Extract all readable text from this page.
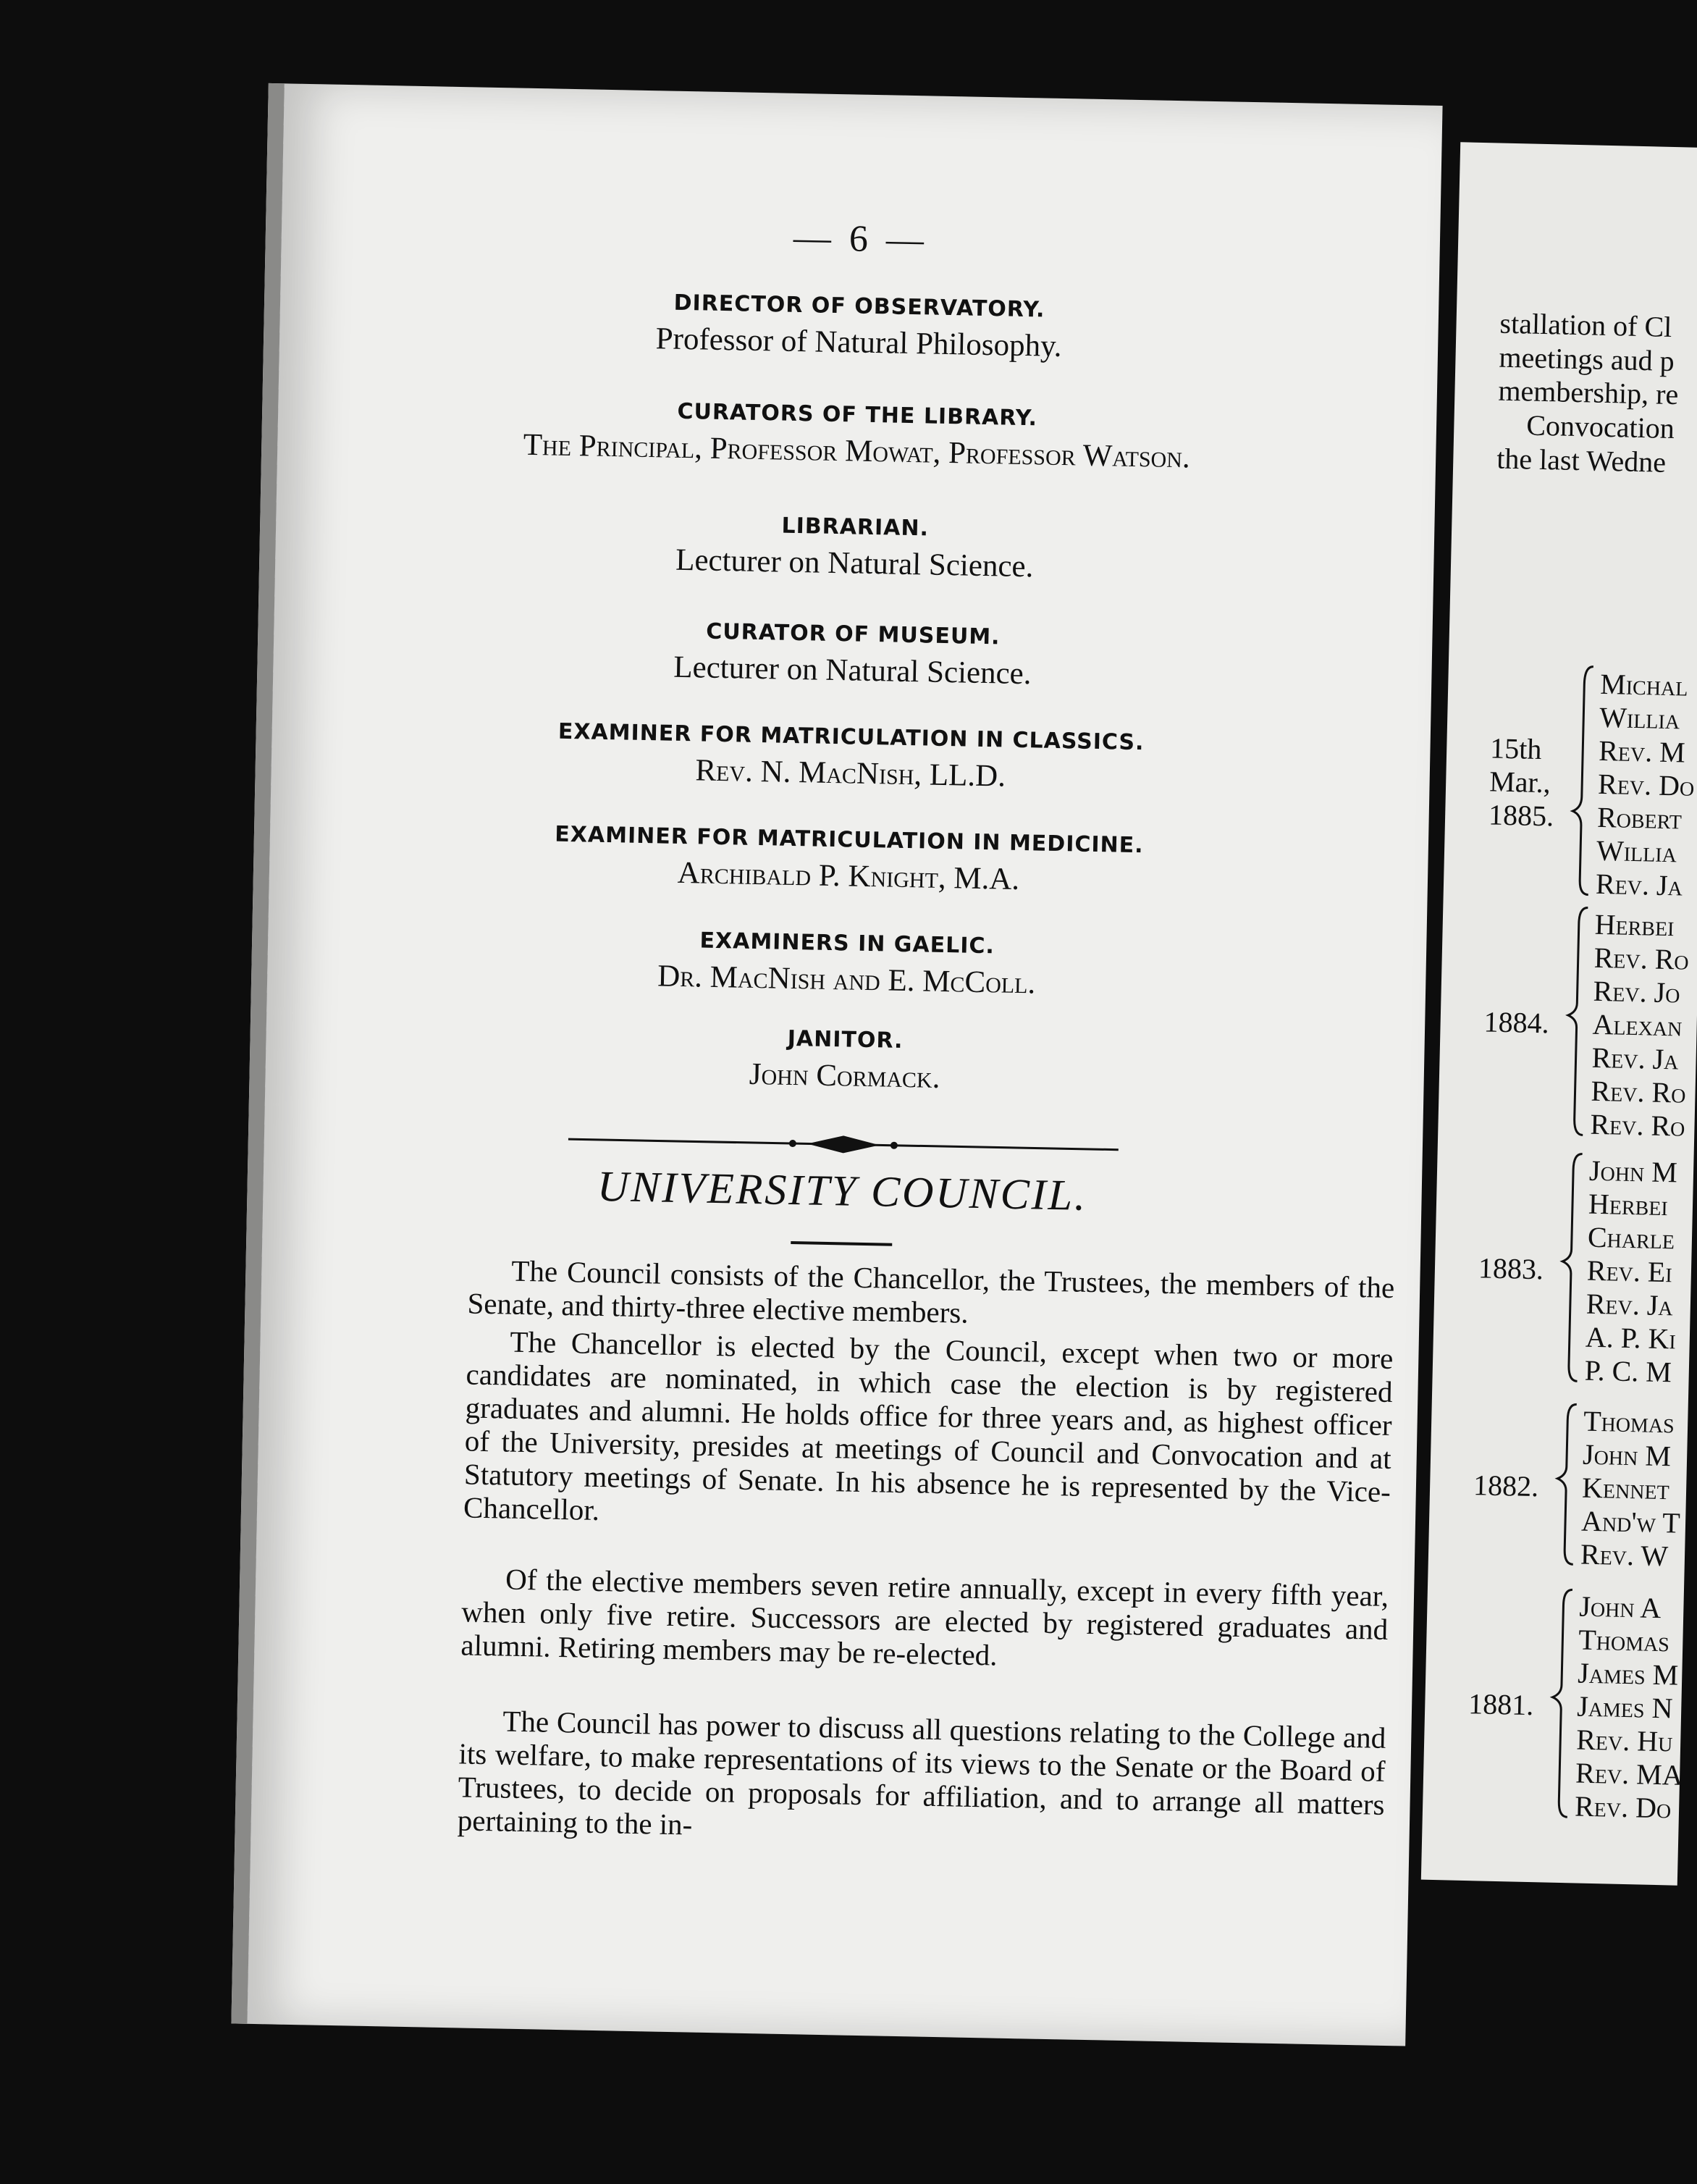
— 6 —
DIRECTOR OF OBSERVATORY.
Professor of Natural Philosophy.
CURATORS OF THE LIBRARY.
The Principal, Professor Mowat, Professor Watson.
LIBRARIAN.
Lecturer on Natural Science.
CURATOR OF MUSEUM.
Lecturer on Natural Science.
EXAMINER FOR MATRICULATION IN CLASSICS.
Rev. N. MacNish, LL.D.
EXAMINER FOR MATRICULATION IN MEDICINE.
Archibald P. Knight, M.A.
EXAMINERS IN GAELIC.
Dr. MacNish and E. McColl.
JANITOR.
John Cormack.
UNIVERSITY COUNCIL.

The Council consists of the Chancellor, the Trustees, the members of the Senate, and thirty-three elective members.

The Chancellor is elected by the Council, except when two or more candidates are nominated, in which case the election is by registered graduates and alumni. He holds office for three years and, as highest officer of the University, presides at meetings of Council and Convocation and at Statutory meetings of Senate. In his absence he is represented by the Vice-Chancellor.

Of the elective members seven retire annually, except in every fifth year, when only five retire. Successors are elected by registered graduates and alumni. Retiring members may be re-elected.

The Council has power to discuss all questions relating to the College and its welfare, to make representations of its views to the Senate or the Board of Trustees, to decide on proposals for affiliation, and to arrange all matters pertaining to the in-

stallation of Cl
meetings aud p
membership, re
Convocation
the last Wedne
15th
Mar.,
1885.
Michal
Willia
Rev. M
Rev. Do
Robert
Willia
Rev. Ja
1884.
Herbei
Rev. Ro
Rev. Jo
Alexan
Rev. Ja
Rev. Ro
Rev. Ro
1883.
John M
Herbei
Charle
Rev. Ei
Rev. Ja
A. P. Ki
P. C. M
1882.
Thomas
John M
Kennet
And'w T
Rev. W
1881.
John A
Thomas
James M
James N
Rev. Hu
Rev. MA
Rev. Do
